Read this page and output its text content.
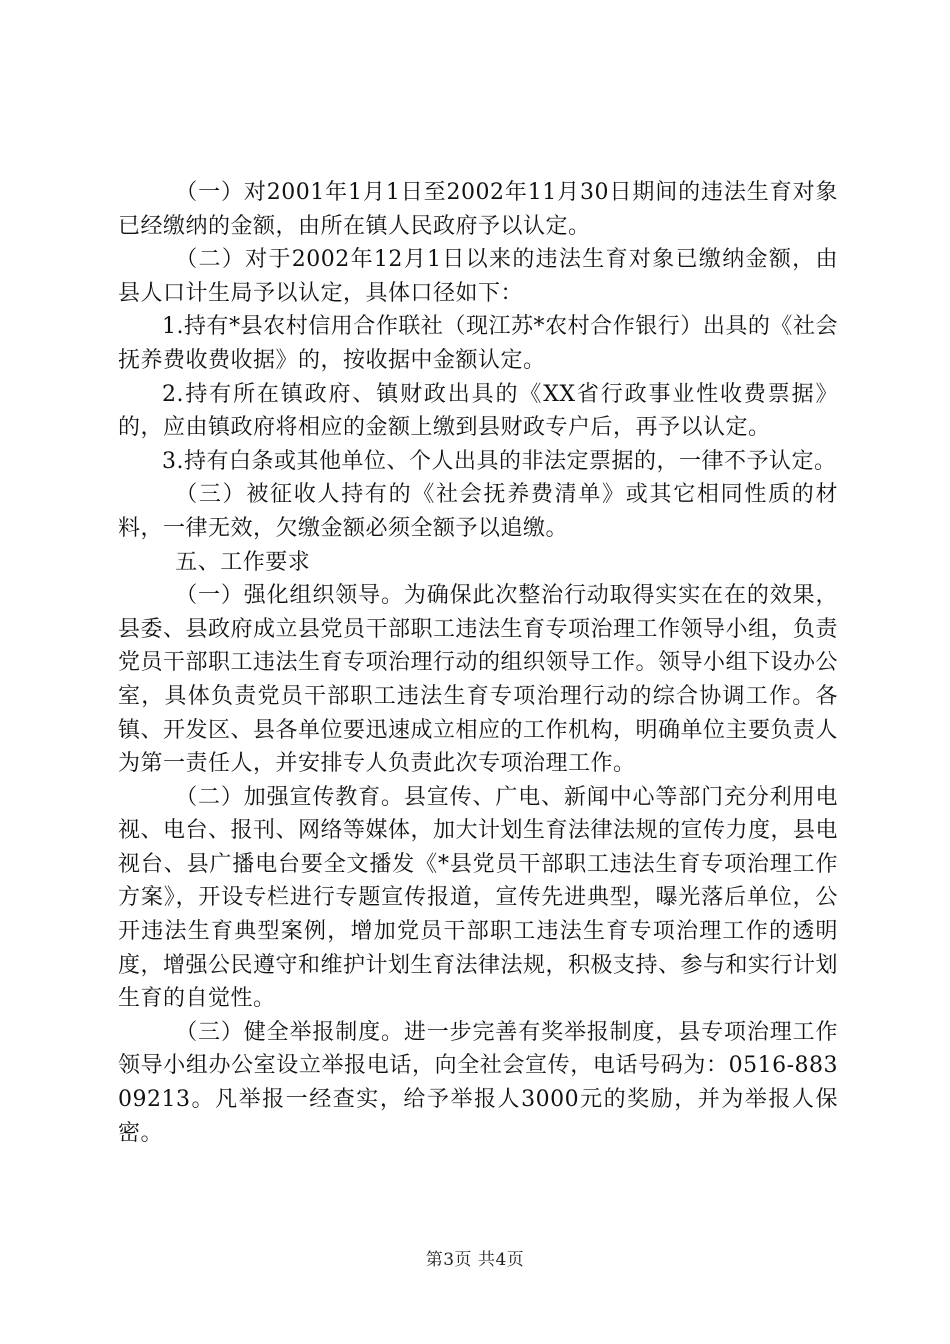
（一）对2001年1月1日至2002年11月30日期间的违法生育对象已经缴纳的金额，由所在镇人民政府予以认定。

（二）对于2002年12月1日以来的违法生育对象已缴纳金额，由县人口计生局予以认定，具体口径如下：

1.持有*县农村信用合作联社（现江苏*农村合作银行）出具的《社会抚养费收费收据》的，按收据中金额认定。

2.持有所在镇政府、镇财政出具的《XX省行政事业性收费票据》的，应由镇政府将相应的金额上缴到县财政专户后，再予以认定。

3.持有白条或其他单位、个人出具的非法定票据的，一律不予认定。

（三）被征收人持有的《社会抚养费清单》或其它相同性质的材料，一律无效，欠缴金额必须全额予以追缴。

五、工作要求

（一）强化组织领导。为确保此次整治行动取得实实在在的效果，县委、县政府成立县党员干部职工违法生育专项治理工作领导小组，负责党员干部职工违法生育专项治理行动的组织领导工作。领导小组下设办公室，具体负责党员干部职工违法生育专项治理行动的综合协调工作。各镇、开发区、县各单位要迅速成立相应的工作机构，明确单位主要负责人为第一责任人，并安排专人负责此次专项治理工作。

（二）加强宣传教育。县宣传、广电、新闻中心等部门充分利用电视、电台、报刊、网络等媒体，加大计划生育法律法规的宣传力度，县电视台、县广播电台要全文播发《*县党员干部职工违法生育专项治理工作方案》，开设专栏进行专题宣传报道，宣传先进典型，曝光落后单位，公开违法生育典型案例，增加党员干部职工违法生育专项治理工作的透明度，增强公民遵守和维护计划生育法律法规，积极支持、参与和实行计划生育的自觉性。

（三）健全举报制度。进一步完善有奖举报制度，县专项治理工作领导小组办公室设立举报电话，向全社会宣传，电话号码为：0516-88309213。凡举报一经查实，给予举报人3000元的奖励，并为举报人保密。

第3页 共4页
